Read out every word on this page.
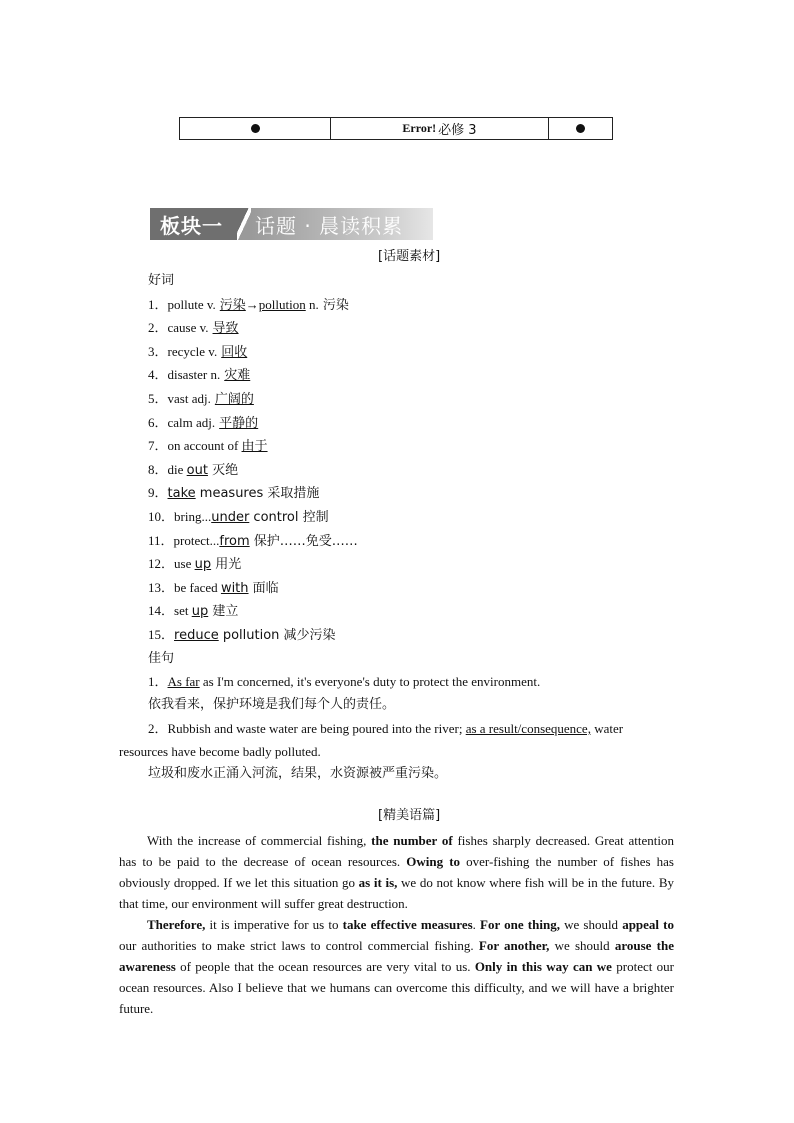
Error! 必修 3
板块一	话题 · 晨读积累
[话题素材]
好词
1．pollute v. 污染→pollution n. 污染
2．cause v. 导致
3．recycle v. 回收
4．disaster n. 灾难
5．vast adj. 广阔的
6．calm adj. 平静的
7．on account of 由于
8．die out 灭绝
9．take measures 采取措施
10．bring...under control 控制
11．protect...from 保护……免受……
12．use up 用光
13．be faced with 面临
14．set up 建立
15．reduce pollution 减少污染
佳句
1．As far as I'm concerned, it's everyone's duty to protect the environment.
依我看来，保护环境是我们每个人的责任。
2．Rubbish and waste water are being poured into the river; as a result/consequence, water
resources have become badly polluted.
垃圾和废水正涌入河流，结果，水资源被严重污染。
[精美语篇]
With the increase of commercial fishing, the number of fishes sharply decreased. Great attention has to be paid to the decrease of ocean resources. Owing to over-fishing the number of fishes has obviously dropped. If we let this situation go as it is, we do not know where fish will be in the future. By that time, our environment will suffer great destruction.
Therefore, it is imperative for us to take effective measures. For one thing, we should appeal to our authorities to make strict laws to control commercial fishing. For another, we should arouse the awareness of people that the ocean resources are very vital to us. Only in this way can we protect our ocean resources. Also I believe that we humans can overcome this difficulty, and we will have a brighter future.
